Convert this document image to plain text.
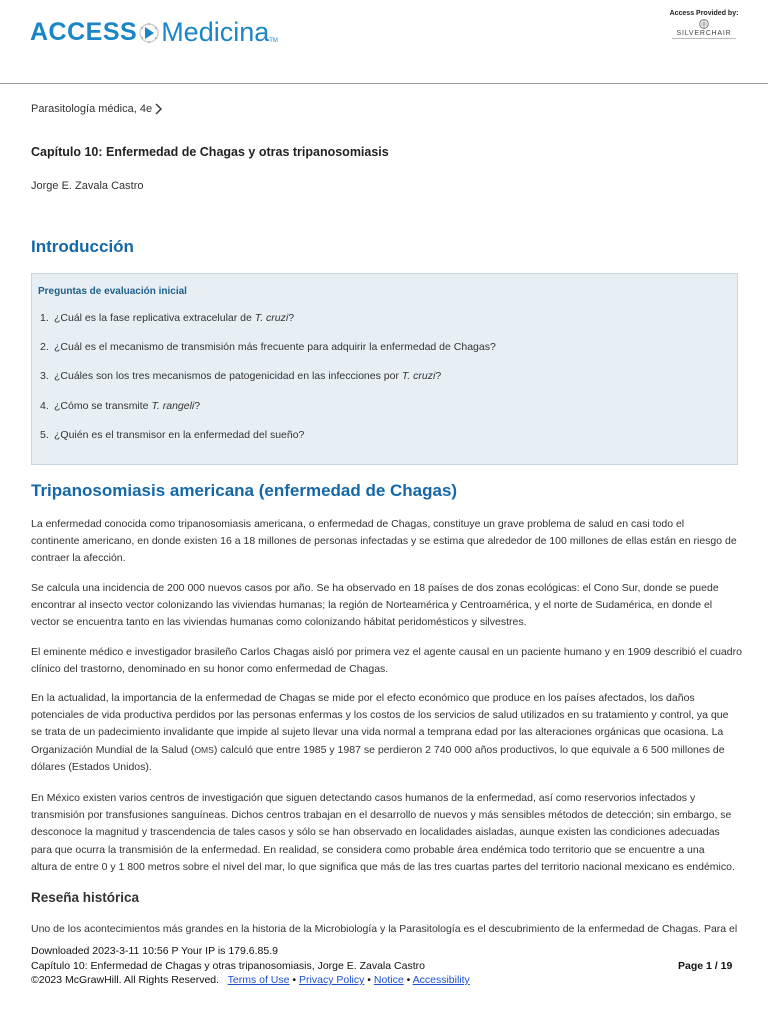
ACCESS Medicina TM
Access Provided by:
SILVERCHAIR
Parasitología médica, 4e
Capítulo 10: Enfermedad de Chagas y otras tripanosomiasis
Jorge E. Zavala Castro
Introducción
Preguntas de evaluación inicial
1. ¿Cuál es la fase replicativa extracelular de T. cruzi?
2. ¿Cuál es el mecanismo de transmisión más frecuente para adquirir la enfermedad de Chagas?
3. ¿Cuáles son los tres mecanismos de patogenicidad en las infecciones por T. cruzi?
4. ¿Cómo se transmite T. rangeli?
5. ¿Quién es el transmisor en la enfermedad del sueño?
Tripanosomiasis americana (enfermedad de Chagas)
La enfermedad conocida como tripanosomiasis americana, o enfermedad de Chagas, constituye un grave problema de salud en casi todo el
continente americano, en donde existen 16 a 18 millones de personas infectadas y se estima que alrededor de 100 millones de ellas están en riesgo de
contraer la afección.
Se calcula una incidencia de 200 000 nuevos casos por año. Se ha observado en 18 países de dos zonas ecológicas: el Cono Sur, donde se puede
encontrar al insecto vector colonizando las viviendas humanas; la región de Norteamérica y Centroamérica, y el norte de Sudamérica, en donde el
vector se encuentra tanto en las viviendas humanas como colonizando hábitat peridomésticos y silvestres.
El eminente médico e investigador brasileño Carlos Chagas aisló por primera vez el agente causal en un paciente humano y en 1909 describió el cuadro
clínico del trastorno, denominado en su honor como enfermedad de Chagas.
En la actualidad, la importancia de la enfermedad de Chagas se mide por el efecto económico que produce en los países afectados, los daños
potenciales de vida productiva perdidos por las personas enfermas y los costos de los servicios de salud utilizados en su tratamiento y control, ya que
se trata de un padecimiento invalidante que impide al sujeto llevar una vida normal a temprana edad por las alteraciones orgánicas que ocasiona. La
Organización Mundial de la Salud (OMS) calculó que entre 1985 y 1987 se perdieron 2 740 000 años productivos, lo que equivale a 6 500 millones de
dólares (Estados Unidos).
En México existen varios centros de investigación que siguen detectando casos humanos de la enfermedad, así como reservorios infectados y
transmisión por transfusiones sanguíneas. Dichos centros trabajan en el desarrollo de nuevos y más sensibles métodos de detección; sin embargo, se
desconoce la magnitud y trascendencia de tales casos y sólo se han observado en localidades aisladas, aunque existen las condiciones adecuadas
para que ocurra la transmisión de la enfermedad. En realidad, se considera como probable área endémica todo territorio que se encuentre a una
altura de entre 0 y 1 800 metros sobre el nivel del mar, lo que significa que más de las tres cuartas partes del territorio nacional mexicano es endémico.
Reseña histórica
Uno de los acontecimientos más grandes en la historia de la Microbiología y la Parasitología es el descubrimiento de la enfermedad de Chagas. Para el
Downloaded 2023-3-11 10:56 P Your IP is 179.6.85.9
Capítulo 10: Enfermedad de Chagas y otras tripanosomiasis, Jorge E. Zavala Castro
©2023 McGrawHill. All Rights Reserved. Terms of Use • Privacy Policy • Notice • Accessibility
Page 1 / 19
